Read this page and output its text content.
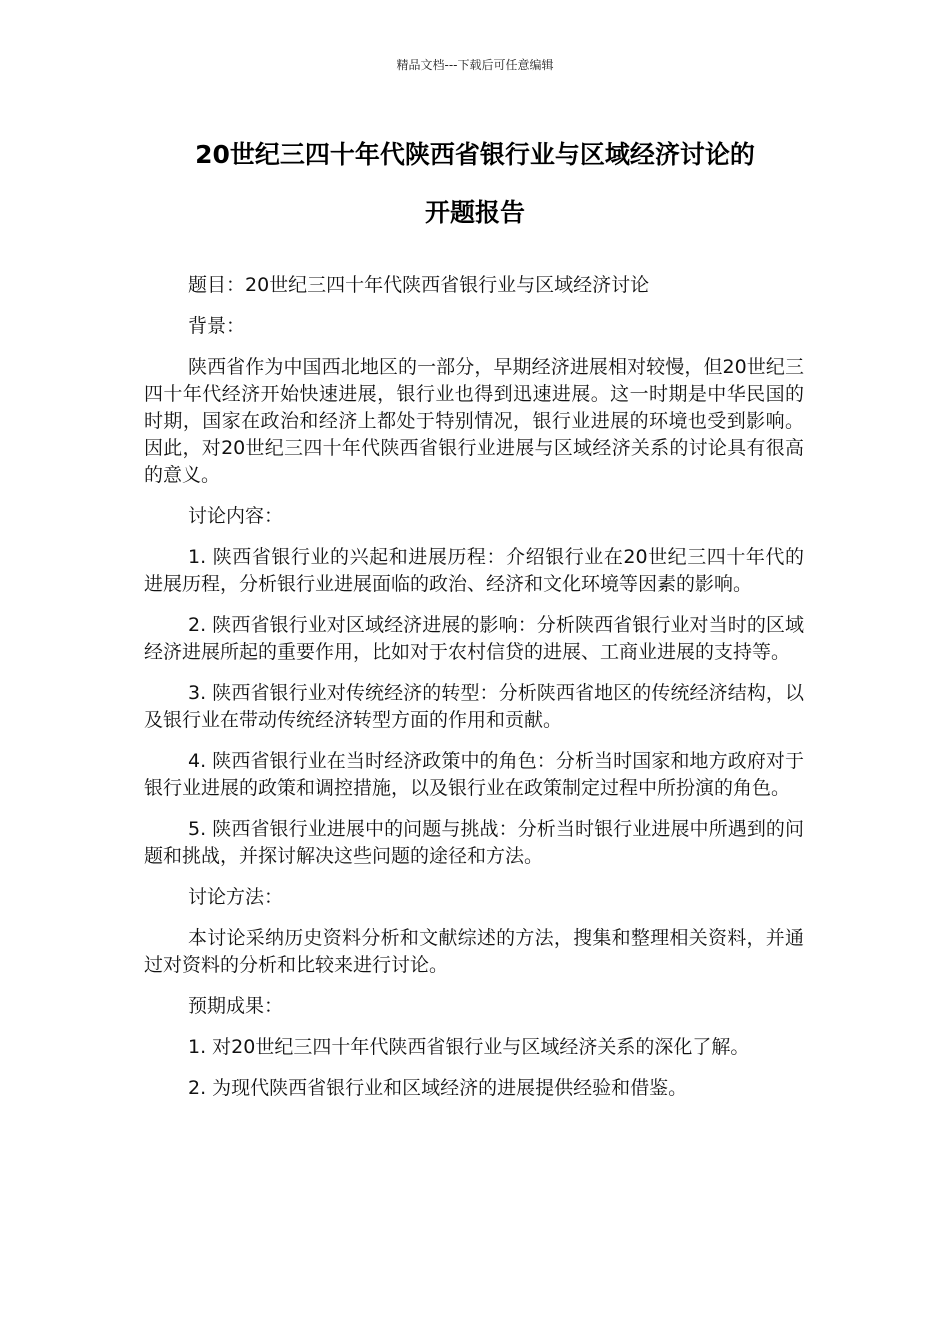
精品文档---下载后可任意编辑
20世纪三四十年代陕西省银行业与区域经济讨论的
开题报告

题目：20世纪三四十年代陕西省银行业与区域经济讨论

背景：

陕西省作为中国西北地区的一部分，早期经济进展相对较慢，但20世纪三四十年代经济开始快速进展，银行业也得到迅速进展。这一时期是中华民国的时期，国家在政治和经济上都处于特别情况，银行业进展的环境也受到影响。因此，对20世纪三四十年代陕西省银行业进展与区域经济关系的讨论具有很高的意义。

讨论内容：

1. 陕西省银行业的兴起和进展历程：介绍银行业在20世纪三四十年代的进展历程，分析银行业进展面临的政治、经济和文化环境等因素的影响。

2. 陕西省银行业对区域经济进展的影响：分析陕西省银行业对当时的区域经济进展所起的重要作用，比如对于农村信贷的进展、工商业进展的支持等。

3. 陕西省银行业对传统经济的转型：分析陕西省地区的传统经济结构，以及银行业在带动传统经济转型方面的作用和贡献。

4. 陕西省银行业在当时经济政策中的角色：分析当时国家和地方政府对于银行业进展的政策和调控措施，以及银行业在政策制定过程中所扮演的角色。

5. 陕西省银行业进展中的问题与挑战：分析当时银行业进展中所遇到的问题和挑战，并探讨解决这些问题的途径和方法。

讨论方法：

本讨论采纳历史资料分析和文献综述的方法，搜集和整理相关资料，并通过对资料的分析和比较来进行讨论。

预期成果：

1. 对20世纪三四十年代陕西省银行业与区域经济关系的深化了解。

2. 为现代陕西省银行业和区域经济的进展提供经验和借鉴。
